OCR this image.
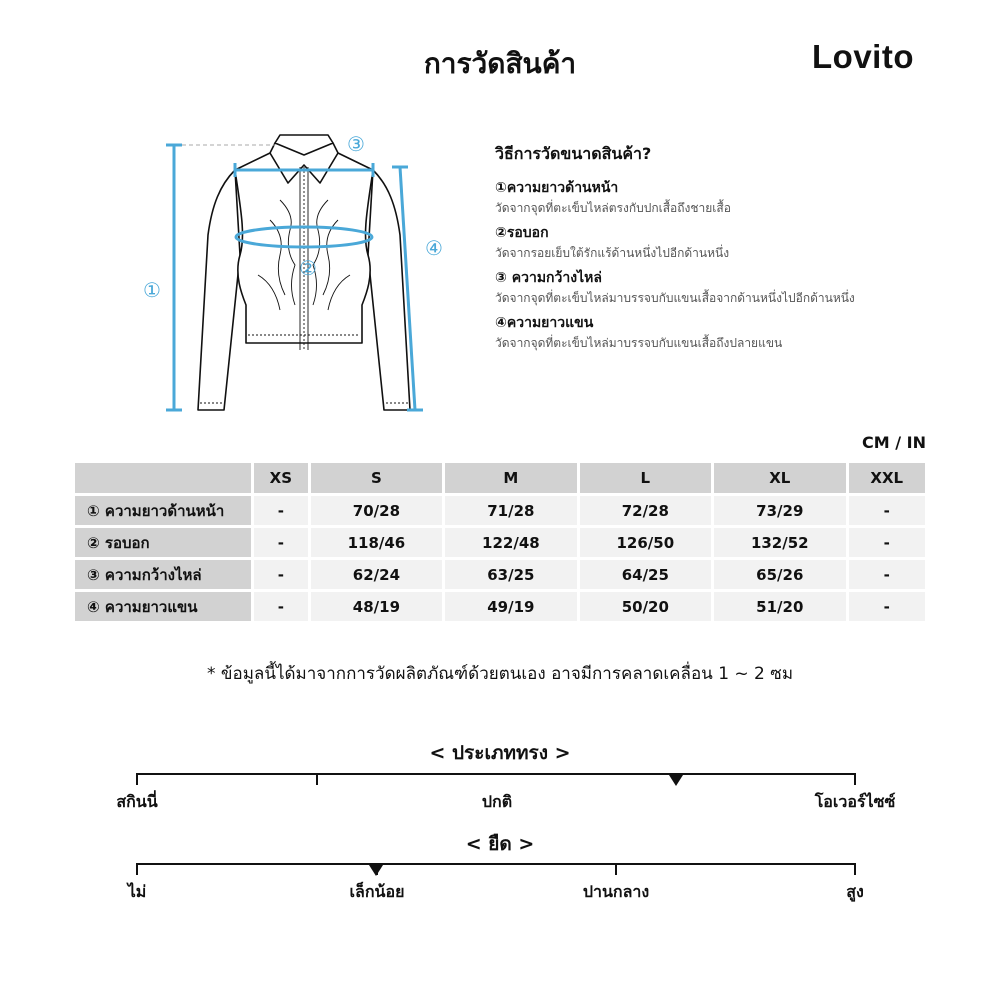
การวัดสินค้า	Lovito
①
②
③
④
วิธีการวัดขนาดสินค้า?
①ความยาวด้านหน้า
วัดจากจุดที่ตะเข็บไหล่ตรงกับปกเสื้อถึงชายเสื้อ
②รอบอก
วัดจากรอยเย็บใต้รักแร้ด้านหนึ่งไปอีกด้านหนึ่ง
③ ความกว้างไหล่
วัดจากจุดที่ตะเข็บไหล่มาบรรจบกับแขนเสื้อจากด้านหนึ่งไปอีกด้านหนึ่ง
④ความยาวแขน
วัดจากจุดที่ตะเข็บไหล่มาบรรจบกับแขนเสื้อถึงปลายแขน
CM / IN
	XS	S	M	L	XL	XXL
① ความยาวด้านหน้า	-	70/28	71/28	72/28	73/29	-
② รอบอก	-	118/46	122/48	126/50	132/52	-
③ ความกว้างไหล่	-	62/24	63/25	64/25	65/26	-
④ ความยาวแขน	-	48/19	49/19	50/20	51/20	-
* ข้อมูลนี้ได้มาจากการวัดผลิตภัณฑ์ด้วยตนเอง อาจมีการคลาดเคลื่อน 1 ~ 2 ซม
< ประเภททรง >
สกินนี่	ปกติ	โอเวอร์ไซซ์
< ยืด >
ไม่	เล็กน้อย	ปานกลาง	สูง
